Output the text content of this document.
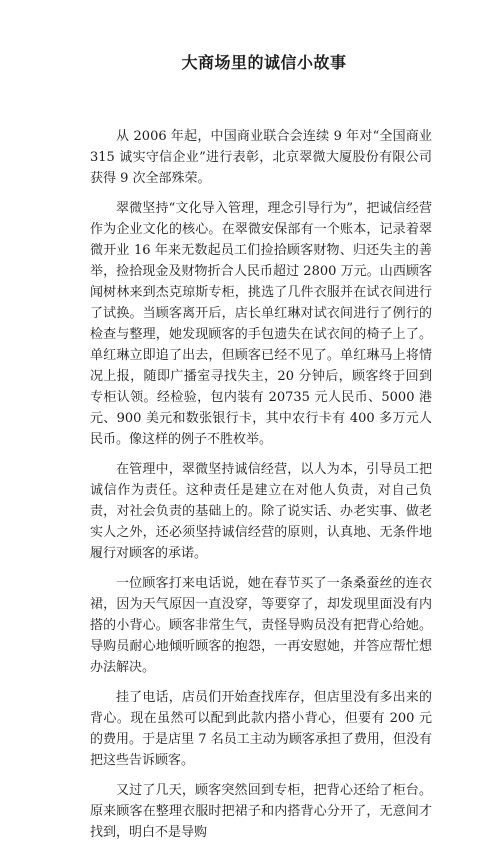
大商场里的诚信小故事

从 2006 年起，中国商业联合会连续 9 年对“全国商业 315 诚实守信企业”进行表彰，北京翠微大厦股份有限公司获得 9 次全部殊荣。

翠微坚持“文化导入管理，理念引导行为”，把诚信经营作为企业文化的核心。在翠微安保部有一个账本，记录着翠微开业 16 年来无数起员工们捡拾顾客财物、归还失主的善举，捡拾现金及财物折合人民币超过 2800 万元。山西顾客闻树林来到杰克琼斯专柜，挑选了几件衣服并在试衣间进行了试换。当顾客离开后，店长单红琳对试衣间进行了例行的检查与整理，她发现顾客的手包遗失在试衣间的椅子上了。单红琳立即追了出去，但顾客已经不见了。单红琳马上将情况上报，随即广播室寻找失主，20 分钟后，顾客终于回到专柜认领。经检验，包内装有 20735 元人民币、5000 港元、900 美元和数张银行卡，其中农行卡有 400 多万元人民币。像这样的例子不胜枚举。

在管理中，翠微坚持诚信经营，以人为本，引导员工把诚信作为责任。这种责任是建立在对他人负责，对自己负责，对社会负责的基础上的。除了说实话、办老实事、做老实人之外，还必须坚持诚信经营的原则，认真地、无条件地履行对顾客的承诺。

一位顾客打来电话说，她在春节买了一条桑蚕丝的连衣裙，因为天气原因一直没穿，等要穿了，却发现里面没有内搭的小背心。顾客非常生气，责怪导购员没有把背心给她。导购员耐心地倾听顾客的抱怨，一再安慰她，并答应帮忙想办法解决。

挂了电话，店员们开始查找库存，但店里没有多出来的背心。现在虽然可以配到此款内搭小背心，但要有 200 元的费用。于是店里 7 名员工主动为顾客承担了费用，但没有把这些告诉顾客。

又过了几天，顾客突然回到专柜，把背心还给了柜台。原来顾客在整理衣服时把裙子和内搭背心分开了，无意间才找到，明白不是导购
